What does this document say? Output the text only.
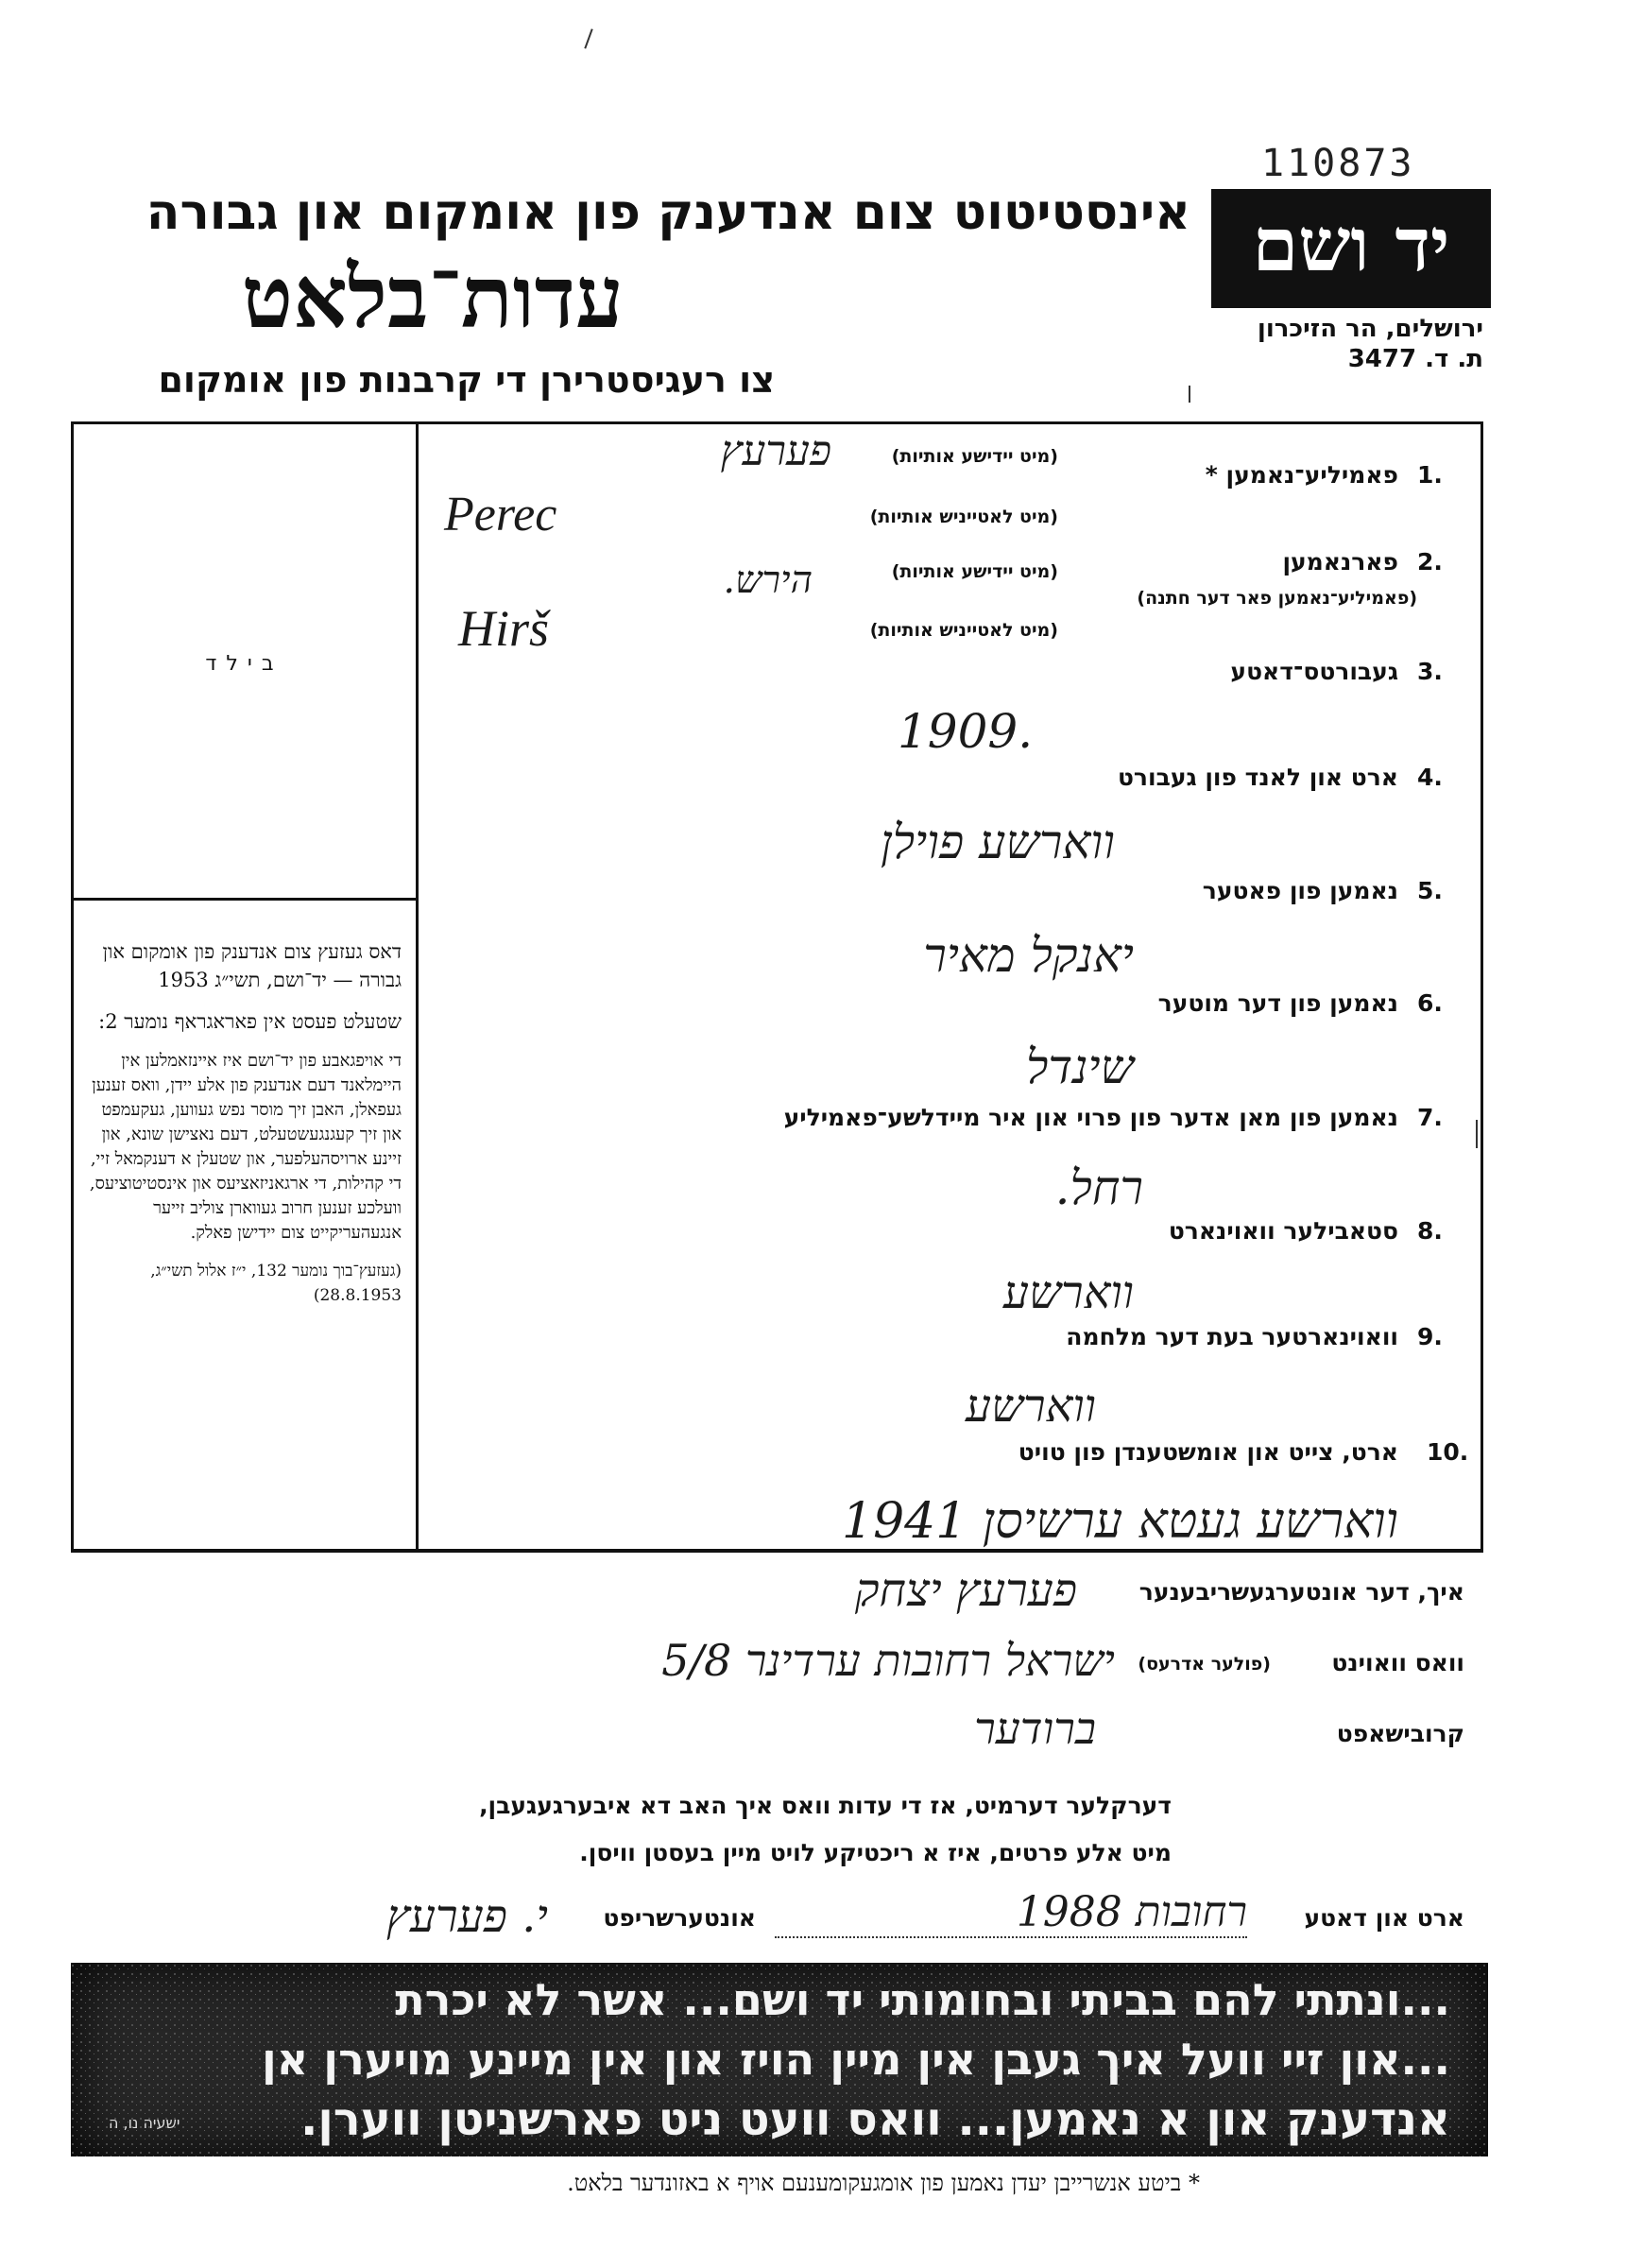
110873
יד ושם
ירושלים, הר הזיכרון
ת. ד. 3477
אינסטיטוט צום אנדענק פון אומקום און גבורה
עדות־בלאט
צו רעגיסטרירן די קרבנות פון אומקום
בילד

דאס געזעץ צום אנדענק פון אומקום און גבורה — יד־ושם, תשי״ג 1953

שטעלט פעסט אין פאראגראף נומער 2:

די אויפגאבע פון יד־ושם איז איינזאמלען אין היימלאנד דעם אנדענק פון אלע יידן, וואס זענען געפאלן, האבן זיך מוסר נפש געווען, געקעמפט און זיך קעגנגעשטעלט, דעם נאצישן שונא, און זיינע ארויסהעלפער, און שטעלן א דענקמאל זיי, די קהילות, די ארגאניזאציעס און אינסטיטוציעס, וועלכע זענען חרוב געווארן צוליב זייער אנגעהעריקייט צום יידישן פאלק.

(געזעץ־בוך נומער 132, י״ז אלול תשי״ג, 28.8.1953)

פאמיליע־נאמען * 1.
(מיט יידישע אותיות)
פערעץ
(מיט לאטייניש אותיות)
Perec
פארנאמען 2.
(פאמיליע־נאמען פאר דער חתנה)
(מיט יידישע אותיות)
הירש.
(מיט לאטייניש אותיות)
Hirš
געבורטס־דאטע 3.
1909.
ארט און לאנד פון געבורט 4.
ווארשע פוילן
נאמען פון פאטער 5.
יאנקל מאיר
נאמען פון דער מוטער 6.
שינדל
נאמען פון מאן אדער פון פרוי און איר מיידלשע־פאמיליע 7.
רחל.
סטאבילער וואוינארט 8.
ווארשע
וואוינארטער בעת דער מלחמה 9.
ווארשע
ארט, צייט און אומשטענדן פון טויט 10.
ווארשע געטא ערשיסן 1941
איך, דער אונטערגעשריבענער
פערעץ יצחק
וואס וואוינט
(פולער אדרעס)
ישראל רחובות ערדינר 5/8
קרובישאפט
ברודער
דערקלער דערמיט, אז די עדות וואס איך האב דא איבערגעגעבן,
מיט אלע פרטים, איז א ריכטיקע לויט מיין בעסטן וויסן.
ארט און דאטע
רחובות 1988
אונטערשריפט
י. פערעץ
...ונתתי להם בביתי ובחומותי יד ושם... אשר לא יכרת
...און זיי וועל איך געבן אין מיין הויז און אין מיינע מויערן אן
אנדענק און א נאמען... וואס וועט ניט פארשניטן ווערן.
ישעיה נו, ה
* ביטע אנשרייבן יעדן נאמען פון אומגעקומענעם אויף א באזונדער בלאט.
